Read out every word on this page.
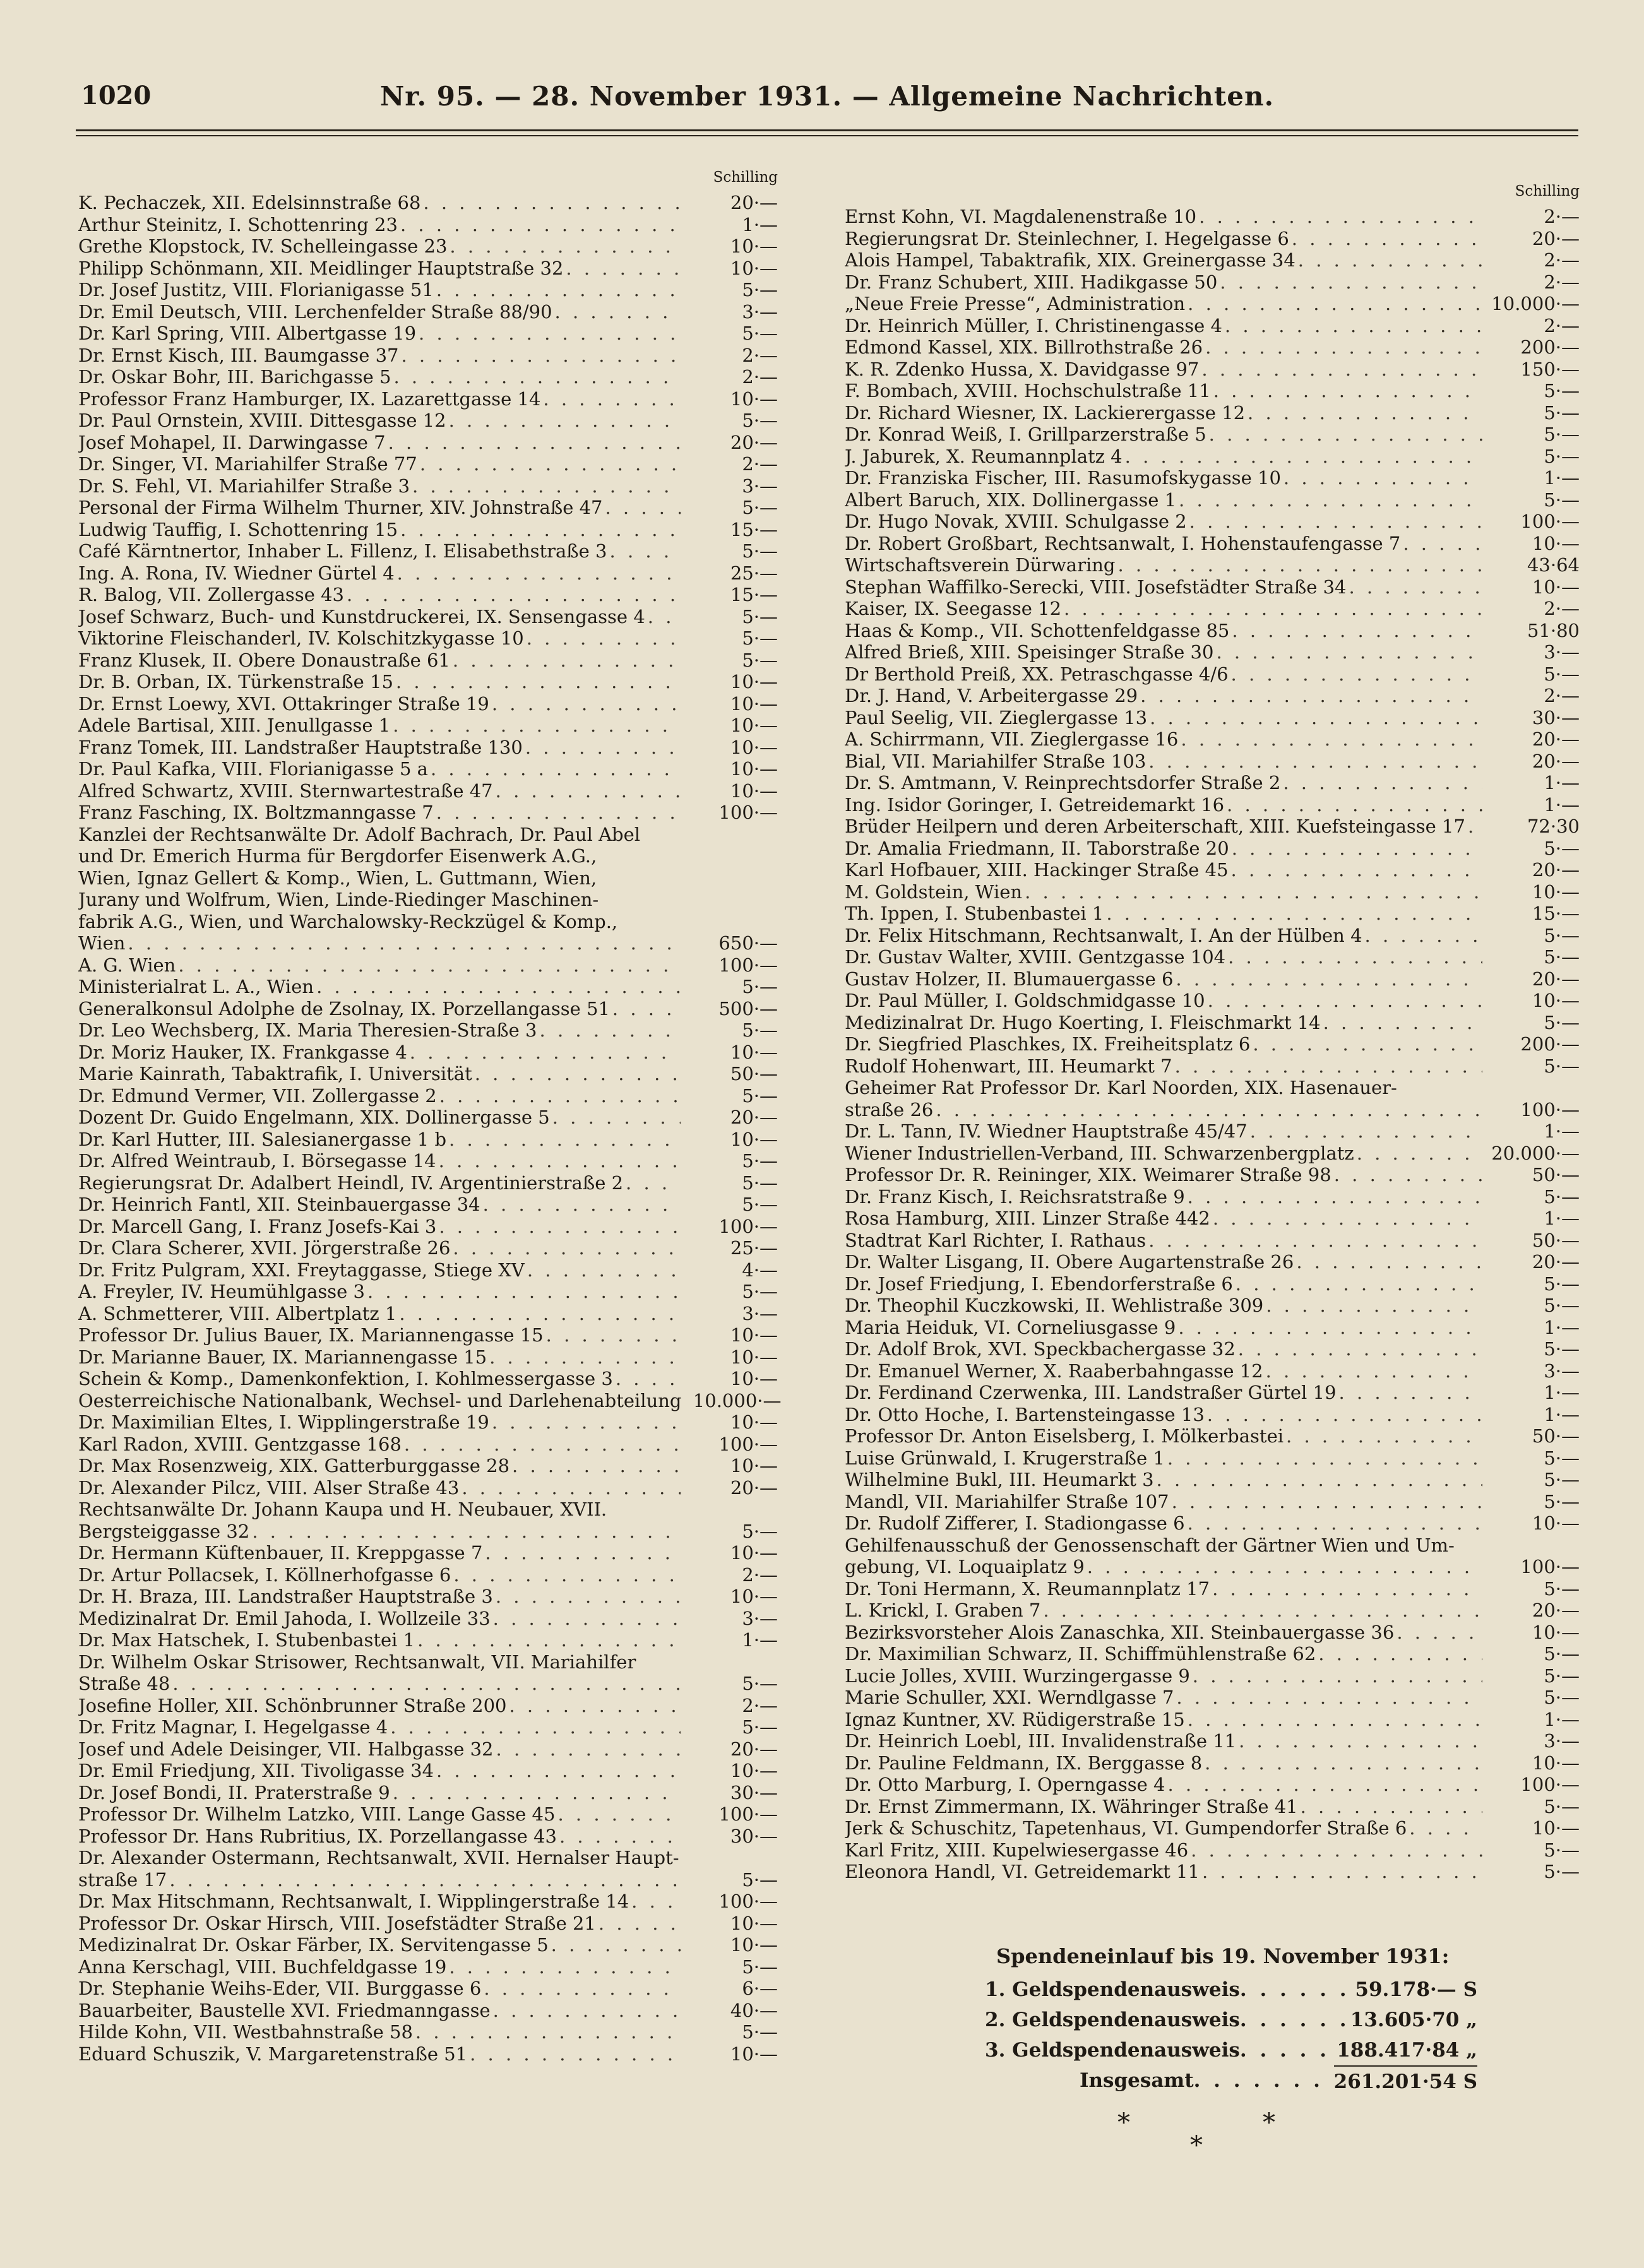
1020	Nr. 95. — 28. November 1931. — Allgemeine Nachrichten.
Schilling
K. Pechaczek, XII. Edelsinnstraße 68 . . .	20·—
Arthur Steinitz, I. Schottenring 23 . . .	1·—
Grethe Klopstock, IV. Schelleingasse 23 . . .	10·—
Philipp Schönmann, XII. Meidlinger Hauptstraße 32 . . .	10·—
Dr. Josef Justitz, VIII. Florianigasse 51 . . .	5·—
Dr. Emil Deutsch, VIII. Lerchenfelder Straße 88/90 . . .	3·—
Dr. Karl Spring, VIII. Albertgasse 19 . . .	5·—
Dr. Ernst Kisch, III. Baumgasse 37 . . .	2·—
Dr. Oskar Bohr, III. Barichgasse 5 . . .	2·—
Professor Franz Hamburger, IX. Lazarettgasse 14 . . .	10·—
Dr. Paul Ornstein, XVIII. Dittesgasse 12 . . .	5·—
Josef Mohapel, II. Darwingasse 7 . . .	20·—
Dr. Singer, VI. Mariahilfer Straße 77 . . .	2·—
Dr. S. Fehl, VI. Mariahilfer Straße 3 . . .	3·—
Personal der Firma Wilhelm Thurner, XIV. Johnstraße 47 . . .	5·—
Ludwig Tauffig, I. Schottenring 15 . . .	15·—
Café Kärntnertor, Inhaber L. Fillenz, I. Elisabethstraße 3 . . .	5·—
Ing. A. Rona, IV. Wiedner Gürtel 4 . . .	25·—
R. Balog, VII. Zollergasse 43 . . .	15·—
Josef Schwarz, Buch- und Kunstdruckerei, IX. Sensengasse 4 . . .	5·—
Viktorine Fleischanderl, IV. Kolschitzkygasse 10 . . .	5·—
Franz Klusek, II. Obere Donaustraße 61 . . .	5·—
Dr. B. Orban, IX. Türkenstraße 15 . . .	10·—
Dr. Ernst Loewy, XVI. Ottakringer Straße 19 . . .	10·—
Adele Bartisal, XIII. Jenullgasse 1 . . .	10·—
Franz Tomek, III. Landstraßer Hauptstraße 130 . . .	10·—
Dr. Paul Kafka, VIII. Florianigasse 5 a . . .	10·—
Alfred Schwartz, XVIII. Sternwartestraße 47 . . .	10·—
Franz Fasching, IX. Boltzmanngasse 7 . . .	100·—
Kanzlei der Rechtsanwälte Dr. Adolf Bachrach, Dr. Paul Abel
und Dr. Emerich Hurma für Bergdorfer Eisenwerk A.G.,
Wien, Ignaz Gellert & Komp., Wien, L. Guttmann, Wien,
Jurany und Wolfrum, Wien, Linde-Riedinger Maschinen-
fabrik A.G., Wien, und Warchalowsky-Reckzügel & Komp.,
Wien . . .	650·—
A. G. Wien . . .	100·—
Ministerialrat L. A., Wien . . .	5·—
Generalkonsul Adolphe de Zsolnay, IX. Porzellangasse 51 . . .	500·—
Dr. Leo Wechsberg, IX. Maria Theresien-Straße 3 . . .	5·—
Dr. Moriz Hauker, IX. Frankgasse 4 . . .	10·—
Marie Kainrath, Tabaktrafik, I. Universität . . .	50·—
Dr. Edmund Vermer, VII. Zollergasse 2 . . .	5·—
Dozent Dr. Guido Engelmann, XIX. Dollinergasse 5 . . .	20·—
Dr. Karl Hutter, III. Salesianergasse 1 b . . .	10·—
Dr. Alfred Weintraub, I. Börsegasse 14 . . .	5·—
Regierungsrat Dr. Adalbert Heindl, IV. Argentinierstraße 2 . . .	5·—
Dr. Heinrich Fantl, XII. Steinbauergasse 34 . . .	5·—
Dr. Marcell Gang, I. Franz Josefs-Kai 3 . . .	100·—
Dr. Clara Scherer, XVII. Jörgerstraße 26 . . .	25·—
Dr. Fritz Pulgram, XXI. Freytaggasse, Stiege XV . . .	4·—
A. Freyler, IV. Heumühlgasse 3 . . .	5·—
A. Schmetterer, VIII. Albertplatz 1 . . .	3·—
Professor Dr. Julius Bauer, IX. Mariannengasse 15 . . .	10·—
Dr. Marianne Bauer, IX. Mariannengasse 15 . . .	10·—
Schein & Komp., Damenkonfektion, I. Kohlmessergasse 3 . . .	10·—
Oesterreichische Nationalbank, Wechsel- und Darlehenabteilung 10.000·—
Dr. Maximilian Eltes, I. Wipplingerstraße 19 . . .	10·—
Karl Radon, XVIII. Gentzgasse 168 . . .	100·—
Dr. Max Rosenzweig, XIX. Gatterburggasse 28 . . .	10·—
Dr. Alexander Pilcz, VIII. Alser Straße 43 . . .	20·—
Rechtsanwälte Dr. Johann Kaupa und H. Neubauer, XVII.
Bergsteiggasse 32 . . .	5·—
Dr. Hermann Küftenbauer, II. Kreppgasse 7 . . .	10·—
Dr. Artur Pollacsek, I. Köllnerhofgasse 6 . . .	2·—
Dr. H. Braza, III. Landstraßer Hauptstraße 3 . . .	10·—
Medizinalrat Dr. Emil Jahoda, I. Wollzeile 33 . . .	3·—
Dr. Max Hatschek, I. Stubenbastei 1 . . .	1·—
Dr. Wilhelm Oskar Strisower, Rechtsanwalt, VII. Mariahilfer
Straße 48 . . .	5·—
Josefine Holler, XII. Schönbrunner Straße 200 . . .	2·—
Dr. Fritz Magnar, I. Hegelgasse 4 . . .	5·—
Josef und Adele Deisinger, VII. Halbgasse 32 . . .	20·—
Dr. Emil Friedjung, XII. Tivoligasse 34 . . .	10·—
Dr. Josef Bondi, II. Praterstraße 9 . . .	30·—
Professor Dr. Wilhelm Latzko, VIII. Lange Gasse 45 . . .	100·—
Professor Dr. Hans Rubritius, IX. Porzellangasse 43 . . .	30·—
Dr. Alexander Ostermann, Rechtsanwalt, XVII. Hernalser Haupt-
straße 17 . . .	5·—
Dr. Max Hitschmann, Rechtsanwalt, I. Wipplingerstraße 14 . . .	100·—
Professor Dr. Oskar Hirsch, VIII. Josefstädter Straße 21 . . .	10·—
Medizinalrat Dr. Oskar Färber, IX. Servitengasse 5 . . .	10·—
Anna Kerschagl, VIII. Buchfeldgasse 19 . . .	5·—
Dr. Stephanie Weihs-Eder, VII. Burggasse 6 . . .	6·—
Bauarbeiter, Baustelle XVI. Friedmanngasse . . .	40·—
Hilde Kohn, VII. Westbahnstraße 58 . . .	5·—
Eduard Schuszik, V. Margaretenstraße 51 . . .	10·—
Schilling
Ernst Kohn, VI. Magdalenenstraße 10 . . .	2·—
Regierungsrat Dr. Steinlechner, I. Hegelgasse 6 . . .	20·—
Alois Hampel, Tabaktrafik, XIX. Greinergasse 34 . . .	2·—
Dr. Franz Schubert, XIII. Hadikgasse 50 . . .	2·—
„Neue Freie Presse“, Administration . . .	10.000·—
Dr. Heinrich Müller, I. Christinengasse 4 . . .	2·—
Edmond Kassel, XIX. Billrothstraße 26 . . .	200·—
K. R. Zdenko Hussa, X. Davidgasse 97 . . .	150·—
F. Bombach, XVIII. Hochschulstraße 11 . . .	5·—
Dr. Richard Wiesner, IX. Lackierergasse 12 . . .	5·—
Dr. Konrad Weiß, I. Grillparzerstraße 5 . . .	5·—
J. Jaburek, X. Reumannplatz 4 . . .	5·—
Dr. Franziska Fischer, III. Rasumofskygasse 10 . . .	1·—
Albert Baruch, XIX. Dollinergasse 1 . . .	5·—
Dr. Hugo Novak, XVIII. Schulgasse 2 . . .	100·—
Dr. Robert Großbart, Rechtsanwalt, I. Hohenstaufengasse 7 . . .	10·—
Wirtschaftsverein Dürwaring . . .	43·64
Stephan Waffilko-Serecki, VIII. Josefstädter Straße 34 . . .	10·—
Kaiser, IX. Seegasse 12 . . .	2·—
Haas & Komp., VII. Schottenfeldgasse 85 . . .	51·80
Alfred Brieß, XIII. Speisinger Straße 30 . . .	3·—
Dr Berthold Preiß, XX. Petraschgasse 4/6 . . .	5·—
Dr. J. Hand, V. Arbeitergasse 29 . . .	2·—
Paul Seelig, VII. Zieglergasse 13 . . .	30·—
A. Schirrmann, VII. Zieglergasse 16 . . .	20·—
Bial, VII. Mariahilfer Straße 103 . . .	20·—
Dr. S. Amtmann, V. Reinprechtsdorfer Straße 2 . . .	1·—
Ing. Isidor Goringer, I. Getreidemarkt 16 . . .	1·—
Brüder Heilpern und deren Arbeiterschaft, XIII. Kuefsteingasse 17 . . .	72·30
Dr. Amalia Friedmann, II. Taborstraße 20 . . .	5·—
Karl Hofbauer, XIII. Hackinger Straße 45 . . .	20·—
M. Goldstein, Wien . . .	10·—
Th. Ippen, I. Stubenbastei 1 . . .	15·—
Dr. Felix Hitschmann, Rechtsanwalt, I. An der Hülben 4 . . .	5·—
Dr. Gustav Walter, XVIII. Gentzgasse 104 . . .	5·—
Gustav Holzer, II. Blumauergasse 6 . . .	20·—
Dr. Paul Müller, I. Goldschmidgasse 10 . . .	10·—
Medizinalrat Dr. Hugo Koerting, I. Fleischmarkt 14 . . .	5·—
Dr. Siegfried Plaschkes, IX. Freiheitsplatz 6 . . .	200·—
Rudolf Hohenwart, III. Heumarkt 7 . . .	5·—
Geheimer Rat Professor Dr. Karl Noorden, XIX. Hasenauer-
straße 26 . . .	100·—
Dr. L. Tann, IV. Wiedner Hauptstraße 45/47 . . .	1·—
Wiener Industriellen-Verband, III. Schwarzenbergplatz . . .	20.000·—
Professor Dr. R. Reininger, XIX. Weimarer Straße 98 . . .	50·—
Dr. Franz Kisch, I. Reichsratstraße 9 . . .	5·—
Rosa Hamburg, XIII. Linzer Straße 442 . . .	1·—
Stadtrat Karl Richter, I. Rathaus . . .	50·—
Dr. Walter Lisgang, II. Obere Augartenstraße 26 . . .	20·—
Dr. Josef Friedjung, I. Ebendorferstraße 6 . . .	5·—
Dr. Theophil Kuczkowski, II. Wehlistraße 309 . . .	5·—
Maria Heiduk, VI. Corneliusgasse 9 . . .	1·—
Dr. Adolf Brok, XVI. Speckbachergasse 32 . . .	5·—
Dr. Emanuel Werner, X. Raaberbahngasse 12 . . .	3·—
Dr. Ferdinand Czerwenka, III. Landstraßer Gürtel 19 . . .	1·—
Dr. Otto Hoche, I. Bartensteingasse 13 . . .	1·—
Professor Dr. Anton Eiselsberg, I. Mölkerbastei . . .	50·—
Luise Grünwald, I. Krugerstraße 1 . . .	5·—
Wilhelmine Bukl, III. Heumarkt 3 . . .	5·—
Mandl, VII. Mariahilfer Straße 107 . . .	5·—
Dr. Rudolf Zifferer, I. Stadiongasse 6 . . .	10·—
Gehilfenausschuß der Genossenschaft der Gärtner Wien und Um-
gebung, VI. Loquaiplatz 9 . . .	100·—
Dr. Toni Hermann, X. Reumannplatz 17 . . .	5·—
L. Krickl, I. Graben 7 . . .	20·—
Bezirksvorsteher Alois Zanaschka, XII. Steinbauergasse 36 . . .	10·—
Dr. Maximilian Schwarz, II. Schiffmühlenstraße 62 . . .	5·—
Lucie Jolles, XVIII. Wurzingergasse 9 . . .	5·—
Marie Schuller, XXI. Werndlgasse 7 . . .	5·—
Ignaz Kuntner, XV. Rüdigerstraße 15 . . .	1·—
Dr. Heinrich Loebl, III. Invalidenstraße 11 . . .	3·—
Dr. Pauline Feldmann, IX. Berggasse 8 . . .	10·—
Dr. Otto Marburg, I. Operngasse 4 . . .	100·—
Dr. Ernst Zimmermann, IX. Währinger Straße 41 . . .	5·—
Jerk & Schuschitz, Tapetenhaus, VI. Gumpendorfer Straße 6 . . .	10·—
Karl Fritz, XIII. Kupelwiesergasse 46 . . .	5·—
Eleonora Handl, VI. Getreidemarkt 11 . . .	5·—
Spendeneinlauf bis 19. November 1931:
1. Geldspendenausweis . . .	59.178·— S
2. Geldspendenausweis . . .	13.605·70 „
3. Geldspendenausweis . . .	188.417·84 „
Insgesamt . . .	261.201·54 S
*	*
*
